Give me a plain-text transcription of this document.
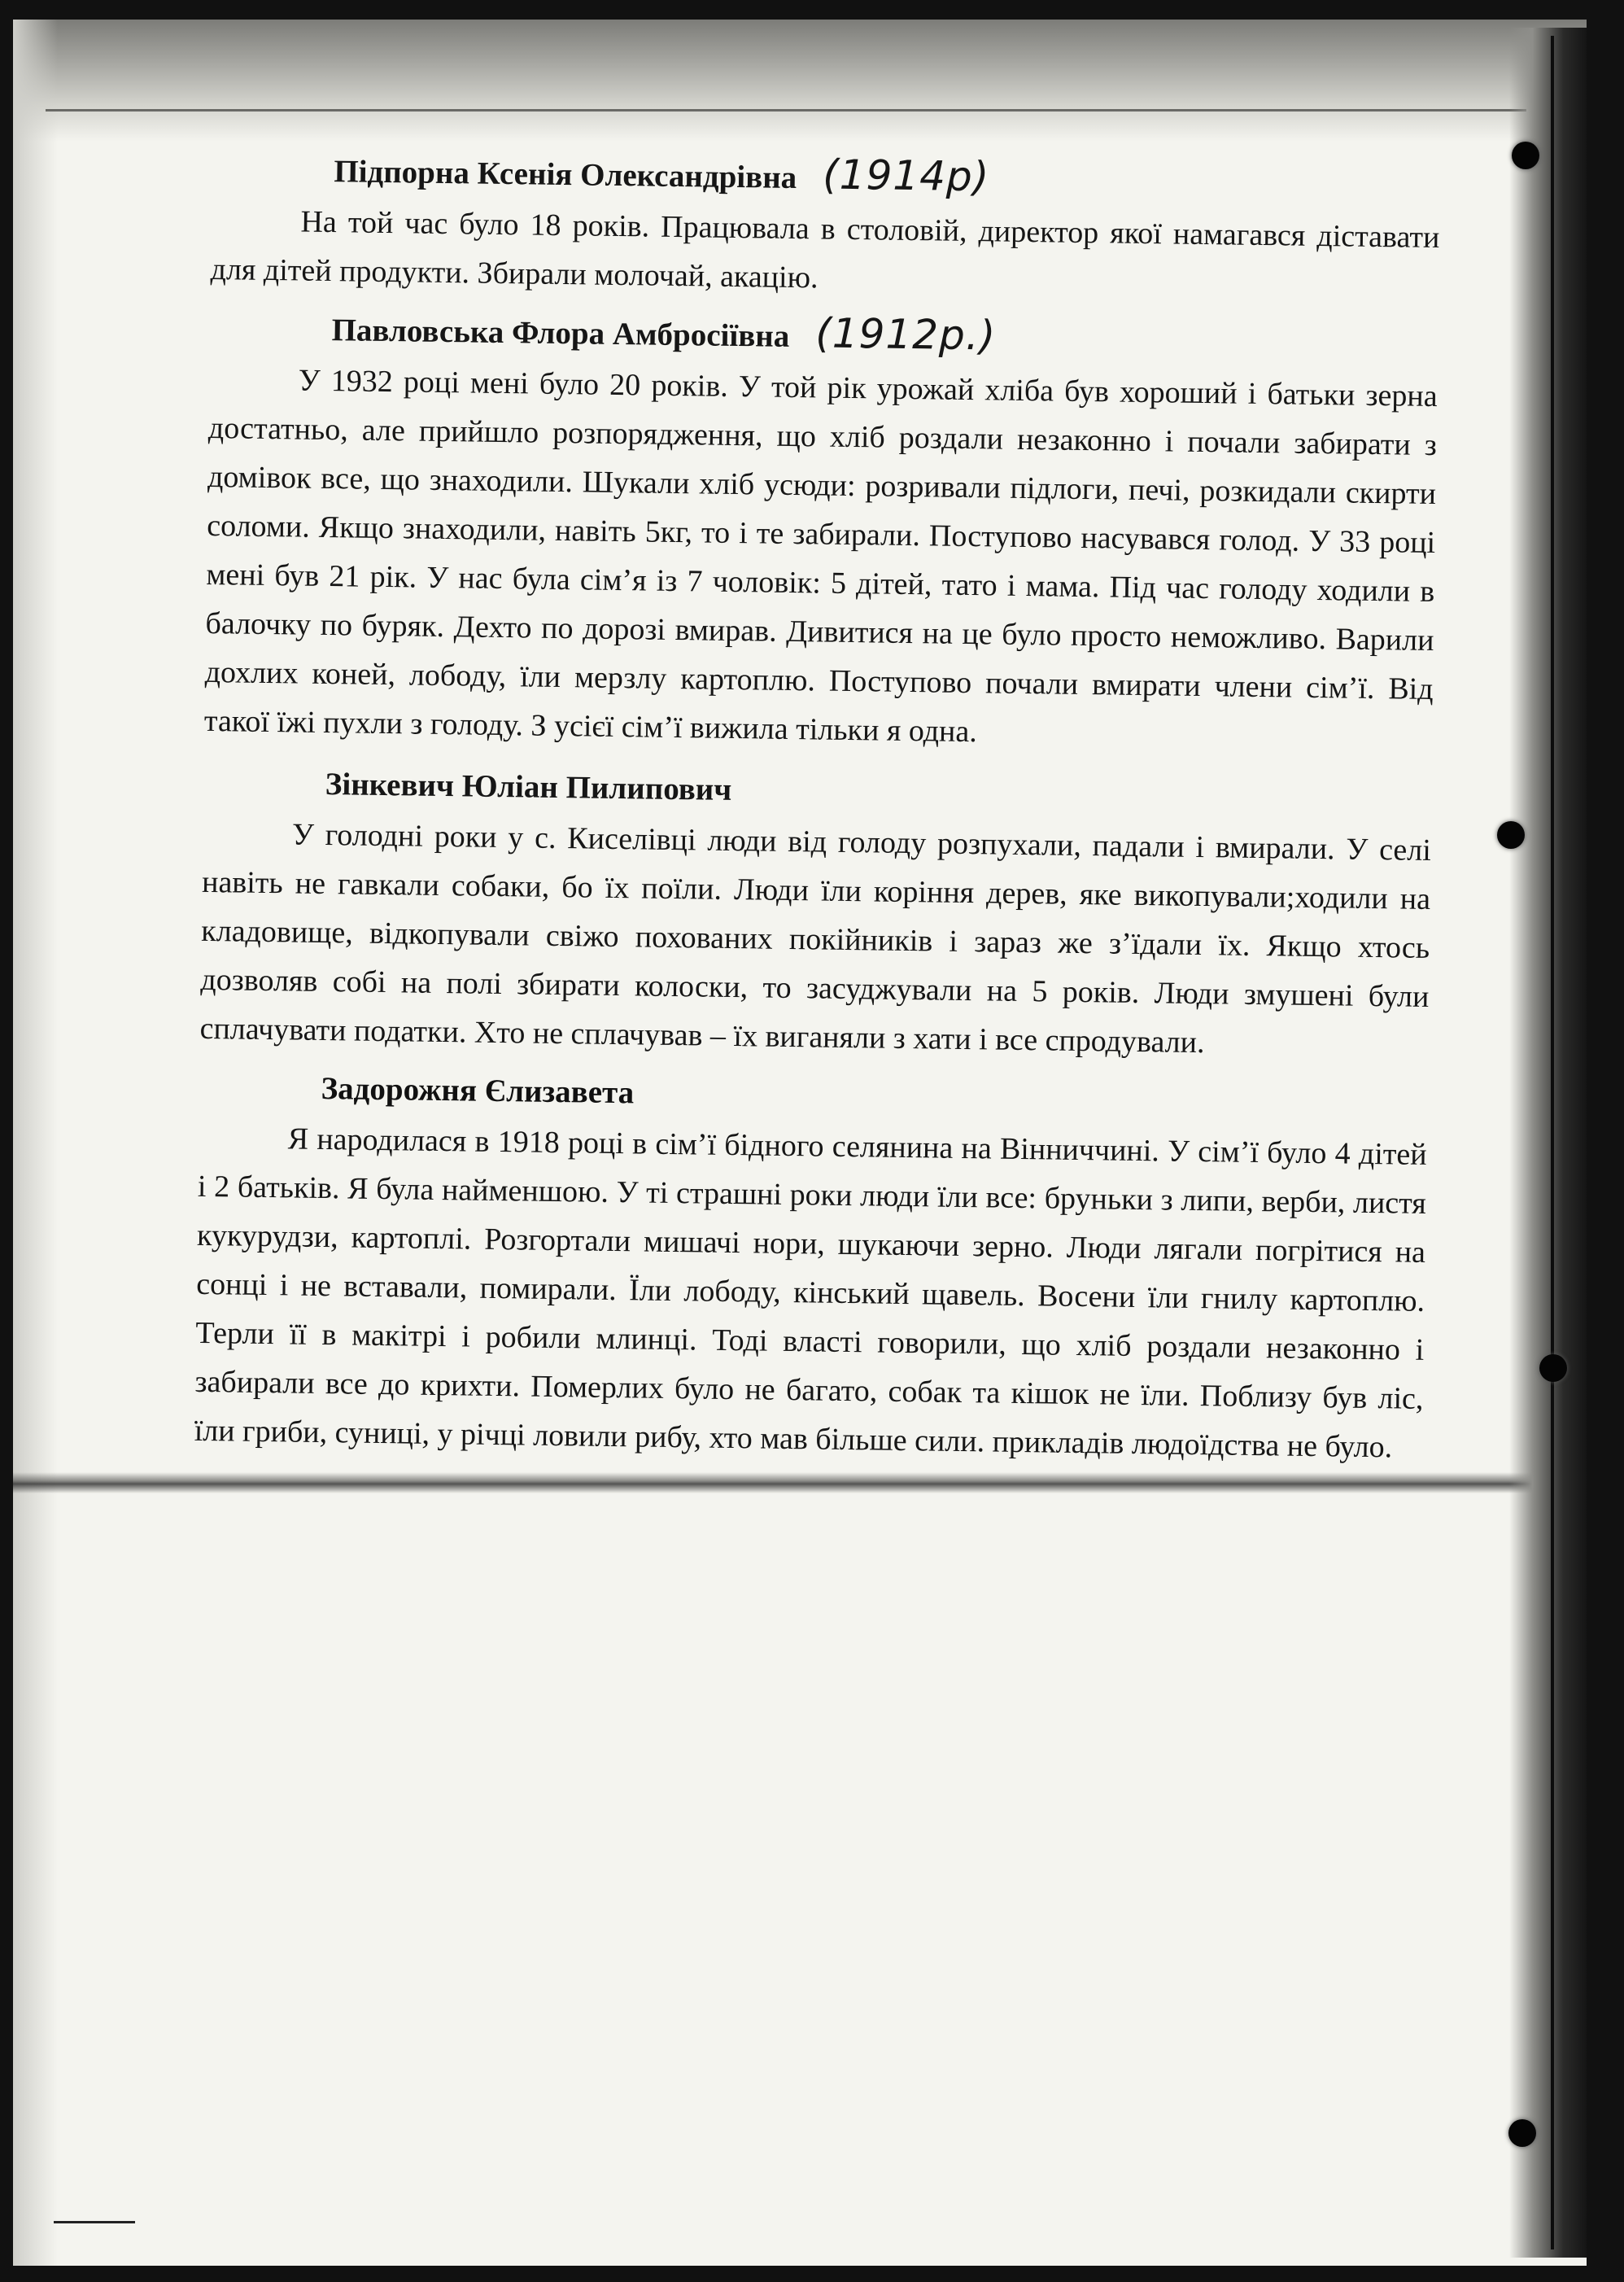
Підпорна Ксенія Олександрівна (1914р)

На той час було 18 років. Працювала в столовій, директор якої намагався діставати для дітей продукти. Збирали молочай, акацію.

Павловська Флора Амбросіївна (1912р.)

У 1932 році мені було 20 років. У той рік урожай хліба був хороший і батьки зерна достатньо, але прийшло розпорядження, що хліб роздали незаконно і почали забирати з домівок все, що знаходили. Шукали хліб усюди: розривали підлоги, печі, розкидали скирти соломи. Якщо знаходили, навіть 5кг, то і те забирали. Поступово насувався голод. У 33 році мені був 21 рік. У нас була сім’я із 7 чоловік: 5 дітей, тато і мама. Під час голоду ходили в балочку по буряк. Дехто по дорозі вмирав. Дивитися на це було просто неможливо. Варили дохлих коней, лободу, їли мерзлу картоплю. Поступово почали вмирати члени сім’ї. Від такої їжі пухли з голоду. З усієї сім’ї вижила тільки я одна.

Зінкевич Юліан Пилипович

У голодні роки у с. Киселівці люди від голоду розпухали, падали і вмирали. У селі навіть не гавкали собаки, бо їх поїли. Люди їли коріння дерев, яке викопували;ходили на кладовище, відкопували свіжо похованих покійників і зараз же з’їдали їх. Якщо хтось дозволяв собі на полі збирати колоски, то засуджували на 5 років. Люди змушені були сплачувати податки. Хто не сплачував – їх виганяли з хати і все спродували.

Задорожня Єлизавета

Я народилася в 1918 році в сім’ї бідного селянина на Вінниччині. У сім’ї було 4 дітей і 2 батьків. Я була найменшою. У ті страшні роки люди їли все: бруньки з липи, верби, листя кукурудзи, картоплі. Розгортали мишачі нори, шукаючи зерно. Люди лягали погрітися на сонці і не вставали, помирали. Їли лободу, кінський щавель. Восени їли гнилу картоплю. Терли її в макітрі і робили млинці. Тоді власті говорили, що хліб роздали незаконно і забирали все до крихти. Померлих було не багато, собак та кішок не їли. Поблизу був ліс, їли гриби, суниці, у річці ловили рибу, хто мав більше сили. прикладів людоїдства не було.
